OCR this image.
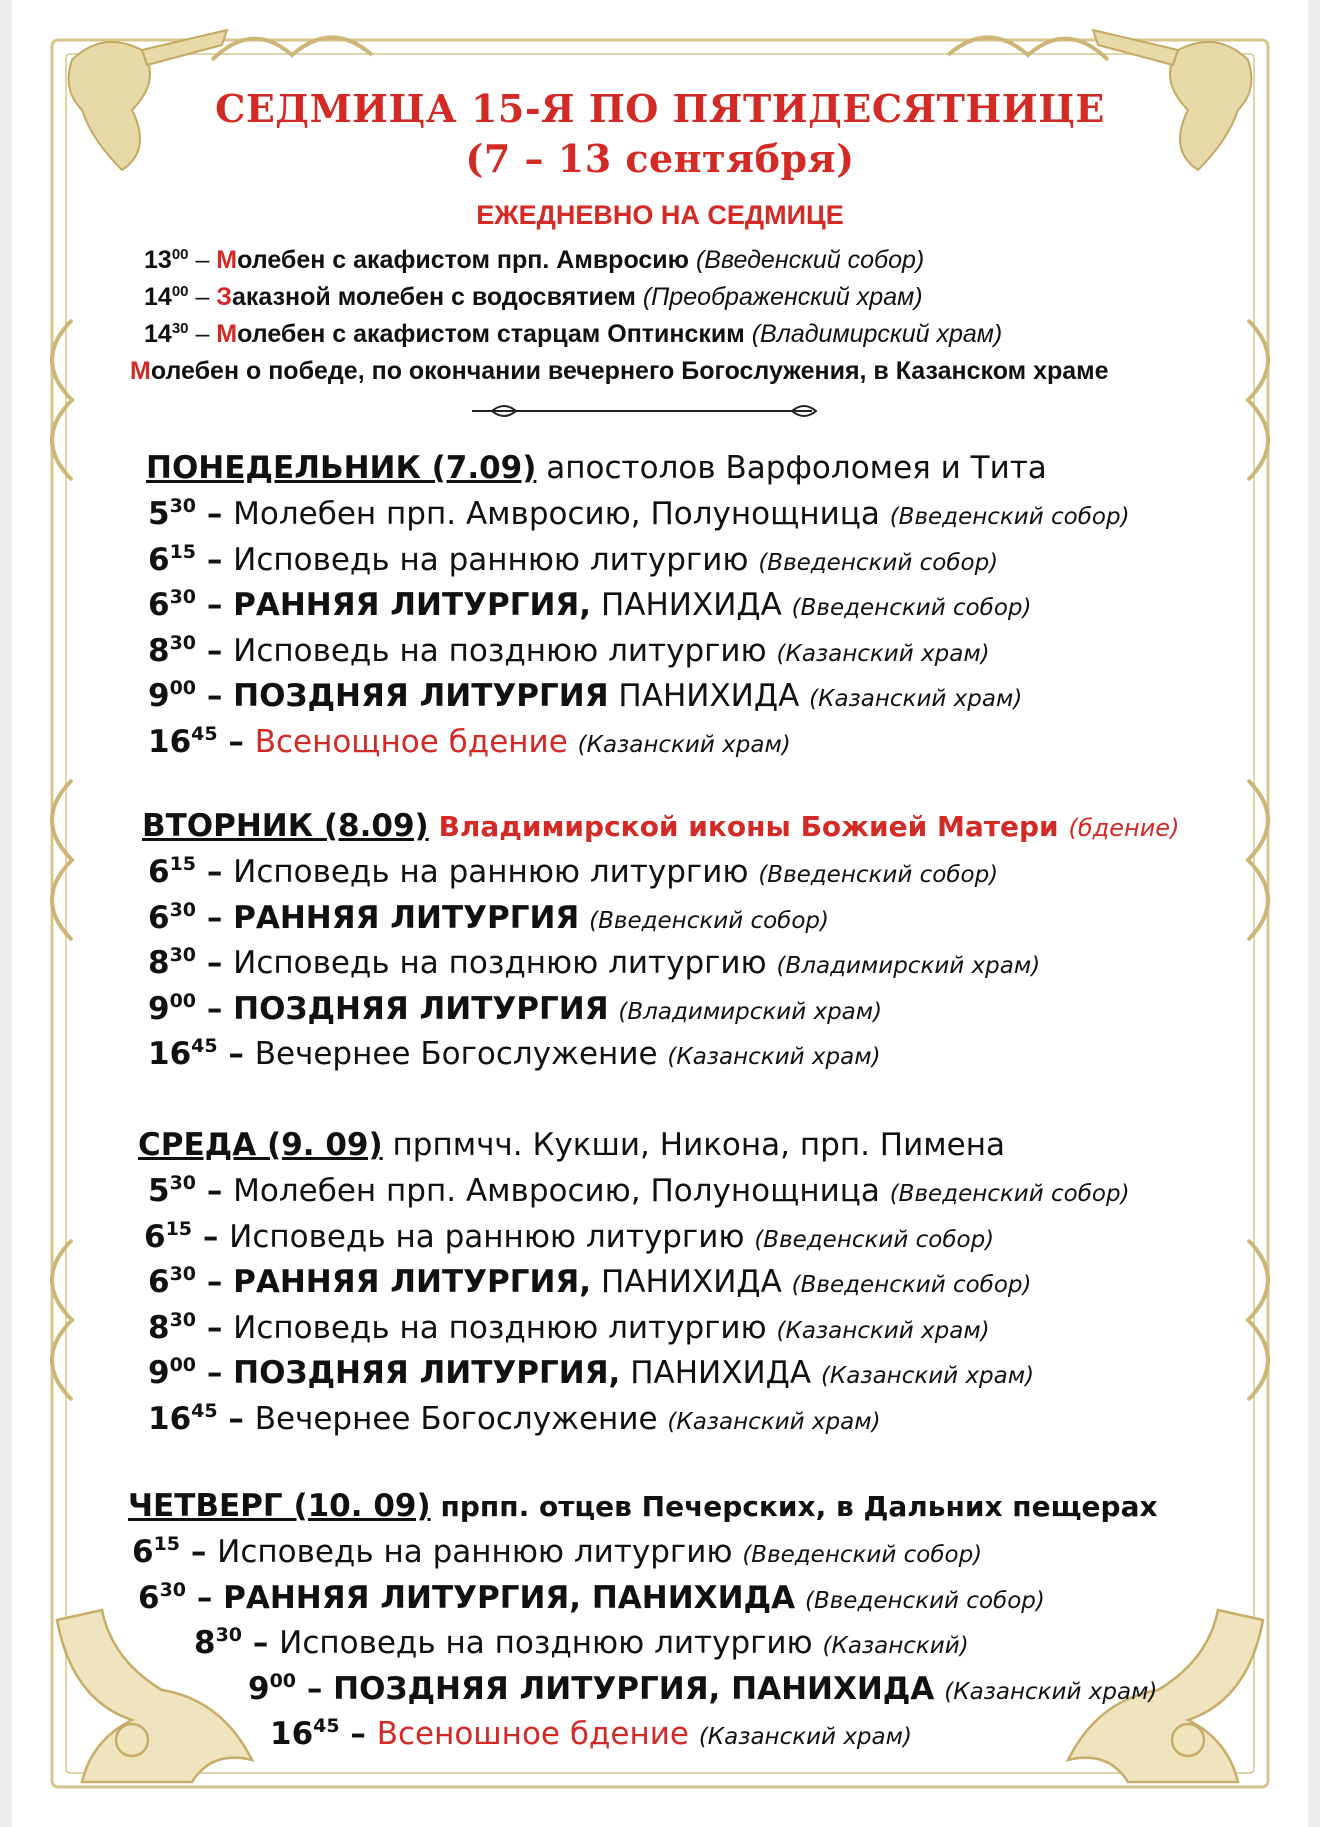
СЕДМИЦА 15-Я ПО ПЯТИДЕСЯТНИЦЕ
(7 – 13 сентября)
ЕЖЕДНЕВНО НА СЕДМИЦЕ
$13^{00}$ – Молебен с акафистом прп. Амвросию (Введенский собор)
$14^{00}$ – Заказной молебен с водосвятием (Преображенский храм)
$14^{30}$ – Молебен с акафистом старцам Оптинским (Владимирский храм)
Молебен о победе, по окончании вечернего Богослужения, в Казанском храме
ПОНЕДЕЛЬНИК (7.09) апостолов Варфоломея и Тита
$5^{30}$ – Молебен прп. Амвросию, Полунощница (Введенский собор)
$6^{15}$ – Исповедь на раннюю литургию (Введенский собор)
$6^{30}$ – РАННЯЯ ЛИТУРГИЯ, ПАНИХИДА (Введенский собор)
$8^{30}$ – Исповедь на позднюю литургию (Казанский храм)
$9^{00}$ – ПОЗДНЯЯ ЛИТУРГИЯ ПАНИХИДА (Казанский храм)
$16^{45}$ – Всенощное бдение (Казанский храм)
ВТОРНИК (8.09) Владимирской иконы Божией Матери (бдение)
$6^{15}$ – Исповедь на раннюю литургию (Введенский собор)
$6^{30}$ – РАННЯЯ ЛИТУРГИЯ (Введенский собор)
$8^{30}$ – Исповедь на позднюю литургию (Владимирский храм)
$9^{00}$ – ПОЗДНЯЯ ЛИТУРГИЯ (Владимирский храм)
$16^{45}$ – Вечернее Богослужение (Казанский храм)
СРЕДА (9. 09) прпмчч. Кукши, Никона, прп. Пимена
$5^{30}$ – Молебен прп. Амвросию, Полунощница (Введенский собор)
$6^{15}$ – Исповедь на раннюю литургию (Введенский собор)
$6^{30}$ – РАННЯЯ ЛИТУРГИЯ, ПАНИХИДА (Введенский собор)
$8^{30}$ – Исповедь на позднюю литургию (Казанский храм)
$9^{00}$ – ПОЗДНЯЯ ЛИТУРГИЯ, ПАНИХИДА (Казанский храм)
$16^{45}$ – Вечернее Богослужение (Казанский храм)
ЧЕТВЕРГ (10. 09) прпп. отцев Печерских, в Дальних пещерах
$6^{15}$ – Исповедь на раннюю литургию (Введенский собор)
$6^{30}$ – РАННЯЯ ЛИТУРГИЯ, ПАНИХИДА (Введенский собор)
$8^{30}$ – Исповедь на позднюю литургию (Казанский)
$9^{00}$ – ПОЗДНЯЯ ЛИТУРГИЯ, ПАНИХИДА (Казанский храм)
$16^{45}$ – Всеношное бдение (Казанский храм)
